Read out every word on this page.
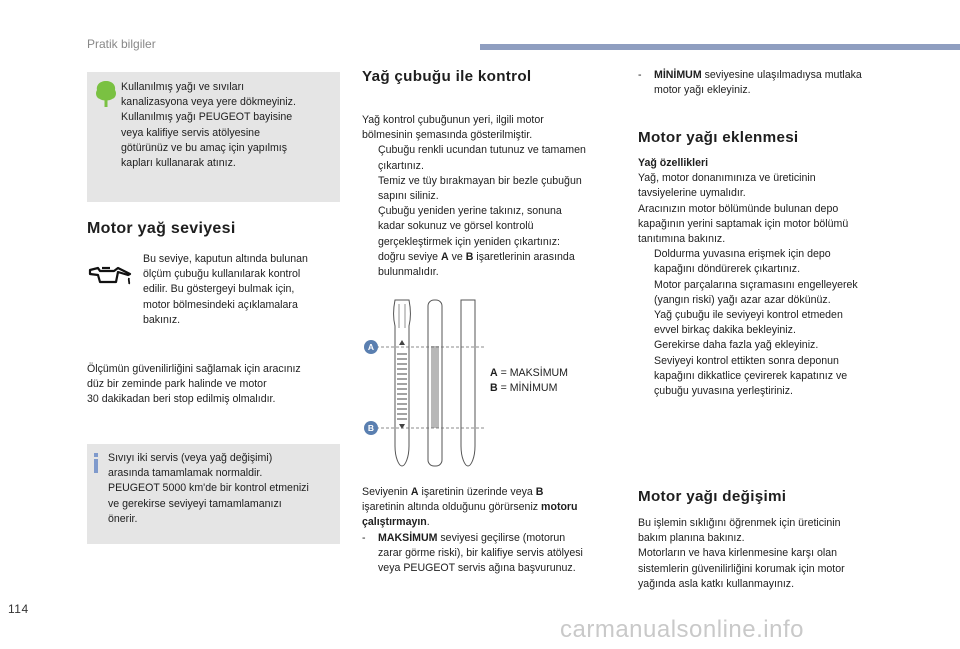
Pratik bilgiler

Kullanılmış yağı ve sıvıları

kanalizasyona veya yere dökmeyiniz.

Kullanılmış yağı PEUGEOT bayisine

veya kalifiye servis atölyesine

götürünüz ve bu amaç için yapılmış

kapları kullanarak atınız.

Motor yağ seviyesi

Bu seviye, kaputun altında bulunan

ölçüm çubuğu kullanılarak kontrol

edilir. Bu göstergeyi bulmak için,

motor bölmesindeki açıklamalara

bakınız.

Ölçümün güvenilirliğini sağlamak için aracınız

düz bir zeminde park halinde ve motor

30 dakikadan beri stop edilmiş olmalıdır.

Sıvıyı iki servis (veya yağ değişimi)

arasında tamamlamak normaldir.

PEUGEOT 5000 km'de bir kontrol etmenizi

ve gerekirse seviyeyi tamamlamanızı

önerir.

Yağ çubuğu ile kontrol

Yağ kontrol çubuğunun yeri, ilgili motor

bölmesinin şemasında gösterilmiştir.

Çubuğu renkli ucundan tutunuz ve tamamen

çıkartınız.

Temiz ve tüy bırakmayan bir bezle çubuğun

sapını siliniz.

Çubuğu yeniden yerine takınız, sonuna

kadar sokunuz ve görsel kontrolü

gerçekleştirmek için yeniden çıkartınız:

doğru seviye A ve B işaretlerinin arasında

bulunmalıdır.

A
B

A = MAKSİMUM

B = MİNİMUM

Seviyenin A işaretinin üzerinde veya B

işaretinin altında olduğunu görürseniz motoru

çalıştırmayın.

-	MAKSİMUM seviyesi geçilirse (motorun

zarar görme riski), bir kalifiye servis atölyesi

veya PEUGEOT servis ağına başvurunuz.

-	MİNİMUM seviyesine ulaşılmadıysa mutlaka

motor yağı ekleyiniz.

Motor yağı eklenmesi

Yağ özellikleri

Yağ, motor donanımınıza ve üreticinin

tavsiyelerine uymalıdır.

Aracınızın motor bölümünde bulunan depo

kapağının yerini saptamak için motor bölümü

tanıtımına bakınız.

Doldurma yuvasına erişmek için depo

kapağını döndürerek çıkartınız.

Motor parçalarına sıçramasını engelleyerek

(yangın riski) yağı azar azar dökünüz.

Yağ çubuğu ile seviyeyi kontrol etmeden

evvel birkaç dakika bekleyiniz.

Gerekirse daha fazla yağ ekleyiniz.

Seviyeyi kontrol ettikten sonra deponun

kapağını dikkatlice çevirerek kapatınız ve

çubuğu yuvasına yerleştiriniz.

Motor yağı değişimi

Bu işlemin sıklığını öğrenmek için üreticinin

bakım planına bakınız.

Motorların ve hava kirlenmesine karşı olan

sistemlerin güvenilirliğini korumak için motor

yağında asla katkı kullanmayınız.

114
carmanualsonline.info
